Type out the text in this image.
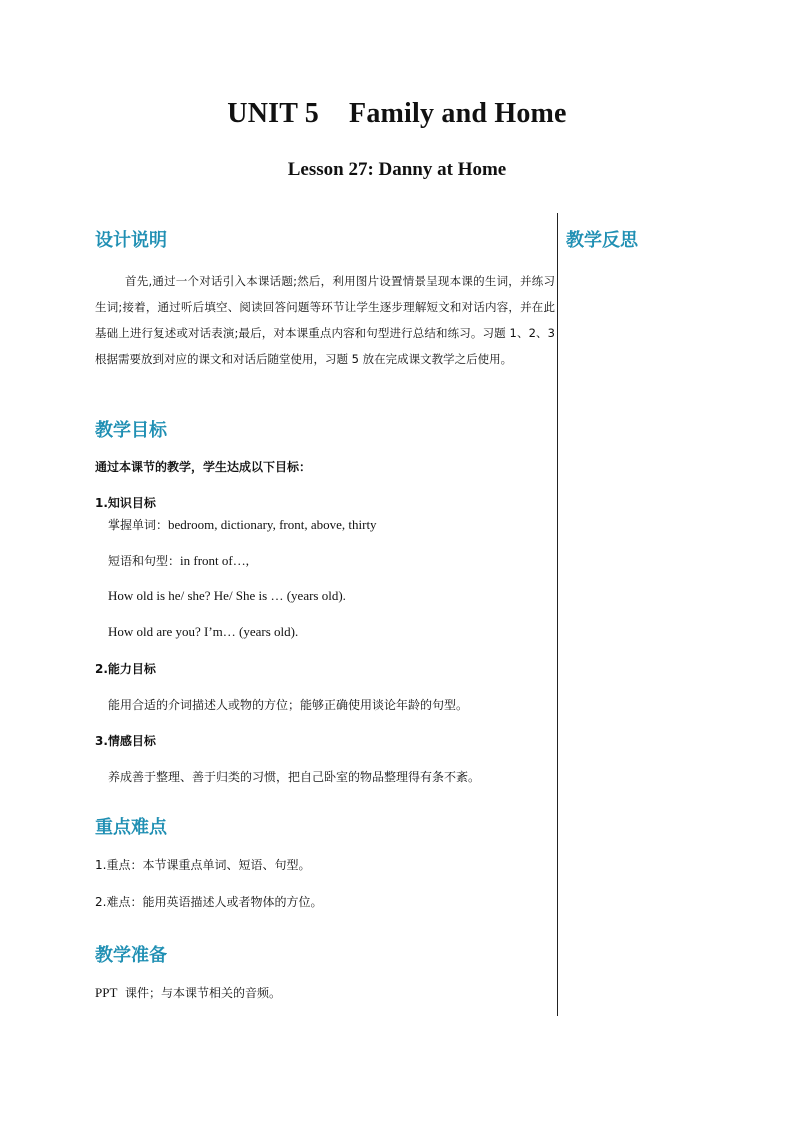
UNIT 5 Family and Home
Lesson 27: Danny at Home
设计说明
首先,通过一个对话引入本课话题;然后，利用图片设置情景呈现本课的生词，并练习生词;接着，通过听后填空、阅读回答问题等环节让学生逐步理解短文和对话内容，并在此基础上进行复述或对话表演;最后，对本课重点内容和句型进行总结和练习。习题 1、2、3 根据需要放到对应的课文和对话后随堂使用，习题 5 放在完成课文教学之后使用。
教学反思
教学目标
通过本课节的教学，学生达成以下目标：
1.知识目标
掌握单词：bedroom, dictionary, front, above, thirty
短语和句型：in front of…,
How old is he/ she? He/ She is … (years old).
How old are you? I’m… (years old).
2.能力目标
能用合适的介词描述人或物的方位；能够正确使用谈论年龄的句型。
3.情感目标
养成善于整理、善于归类的习惯，把自己卧室的物品整理得有条不紊。
重点难点
1.重点：本节课重点单词、短语、句型。
2.难点：能用英语描述人或者物体的方位。
教学准备
PPT 课件；与本课节相关的音频。
